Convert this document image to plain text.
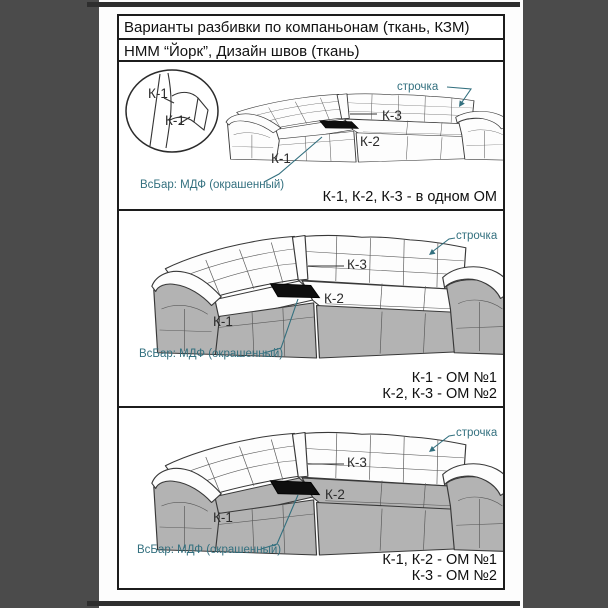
Варианты разбивки по компаньонам (ткань, КЗМ)
НММ “Йорк”, Дизайн швов (ткань)
К-1
К-1
строчка
К-3
К-2
К-1
ВсБар: МДФ (окрашенный)
К-1, К-2, К-3 - в одном ОМ
строчка
К-3
К-2
К-1
ВсБар: МДФ (окрашенный)
К-1 - ОМ №1
К-2, К-3 - ОМ №2
строчка
К-3
К-2
К-1
ВсБар: МДФ (окрашенный)
К-1, К-2 - ОМ №1
К-3 - ОМ №2
